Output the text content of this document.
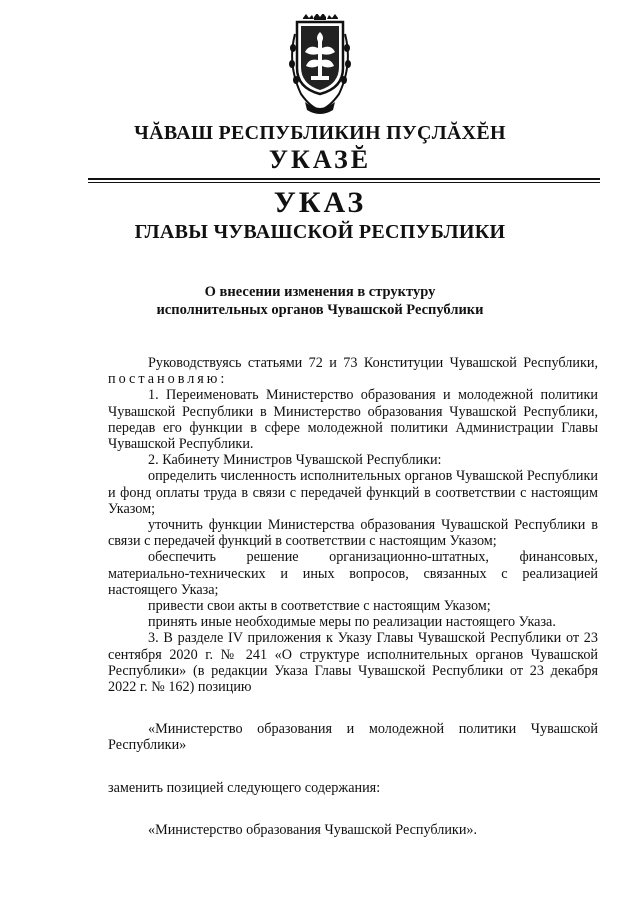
ЧĂВАШ РЕСПУБЛИКИН ПУÇЛĂХĔН
УКАЗĔ
УКАЗ
ГЛАВЫ ЧУВАШСКОЙ РЕСПУБЛИКИ
О внесении изменения в структуру
исполнительных органов Чувашской Республики

Руководствуясь статьями 72 и 73 Конституции Чувашской Республики, постановляю:

1. Переименовать Министерство образования и молодежной политики Чувашской Республики в Министерство образования Чувашской Республики, передав его функции в сфере молодежной политики Администрации Главы Чувашской Республики.

2. Кабинету Министров Чувашской Республики:

определить численность исполнительных органов Чувашской Республики и фонд оплаты труда в связи с передачей функций в соответствии с настоящим Указом;

уточнить функции Министерства образования Чувашской Республики в связи с передачей функций в соответствии с настоящим Указом;

обеспечить решение организационно-штатных, финансовых, материально-технических и иных вопросов, связанных с реализацией настоящего Указа;

привести свои акты в соответствие с настоящим Указом;

принять иные необходимые меры по реализации настоящего Указа.

3. В разделе IV приложения к Указу Главы Чувашской Республики от 23 сентября 2020 г. № 241 «О структуре исполнительных органов Чувашской Республики» (в редакции Указа Главы Чувашской Республики от 23 декабря 2022 г. № 162) позицию

«Министерство образования и молодежной политики Чувашской Республики»

заменить позицией следующего содержания:

«Министерство образования Чувашской Республики».
